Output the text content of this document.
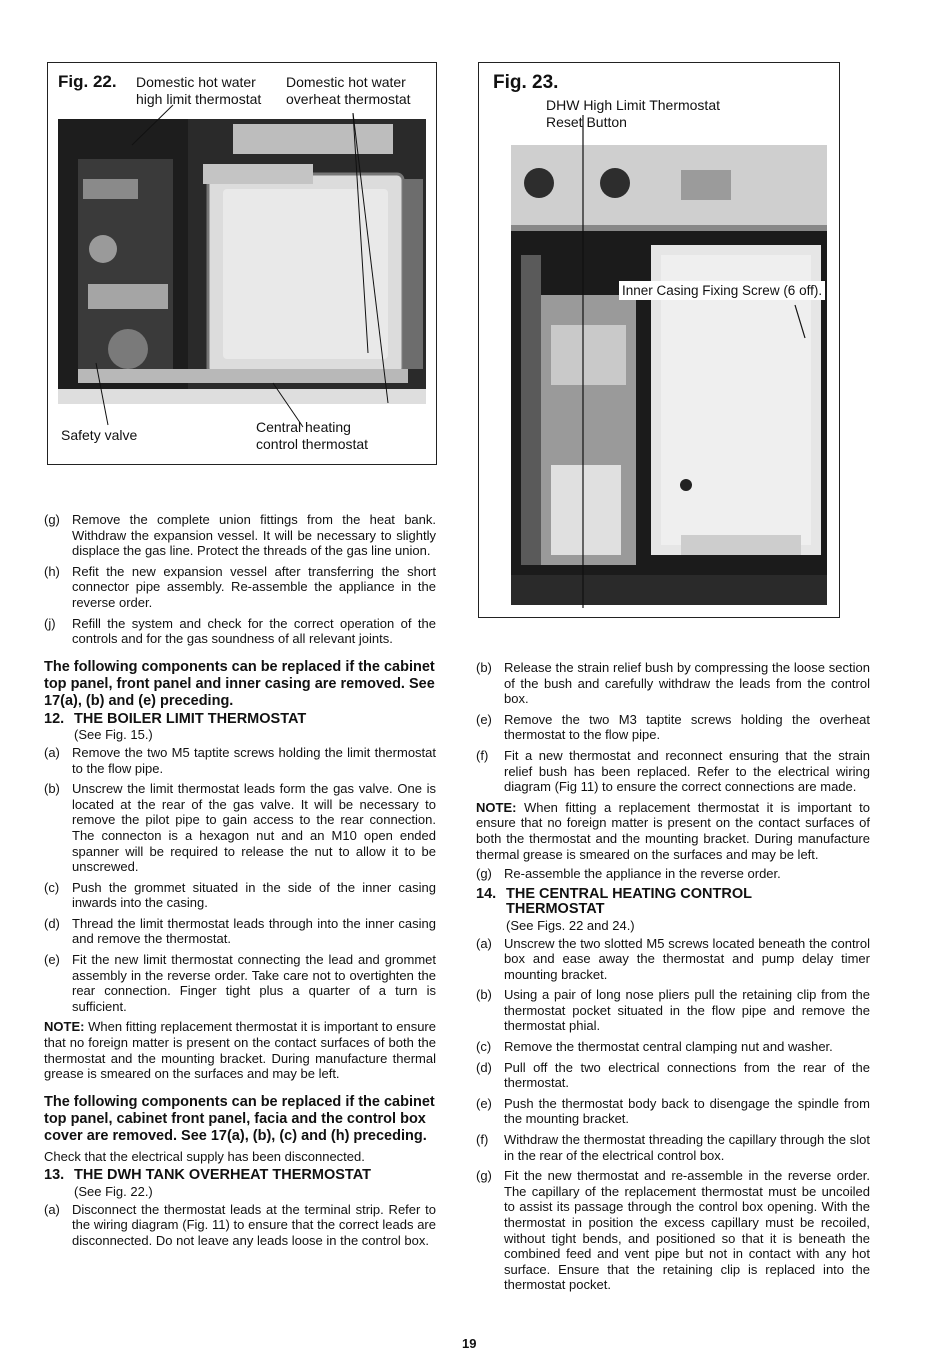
Fig. 22. Domestic hot water
high limit thermostat
Domestic hot water
overheat thermostat
Safety valve	Central heating
control thermostat
Fig. 23.
DHW High Limit Thermostat
Reset Button
Inner Casing Fixing Screw (6 off).
(g) Remove the complete union fittings from the heat bank. Withdraw the expansion vessel. It will be necessary to slightly displace the gas line. Protect the threads of the gas line union.
(h) Refit the new expansion vessel after transferring the short connector pipe assembly. Re-assemble the appliance in the reverse order.
(j)	Refill the system and check for the correct operation of the controls and for the gas soundness of all relevant joints.
The following components can be replaced if the cabinet top panel, front panel and inner casing are removed. See 17(a), (b) and (e) preceding.
12. THE BOILER LIMIT THERMOSTAT
(See Fig. 15.)
(a) Remove the two M5 taptite screws holding the limit thermostat to the flow pipe.
(b) Unscrew the limit thermostat leads form the gas valve. One is located at the rear of the gas valve. It will be necessary to remove the pilot pipe to gain access to the rear connection. The connecton is a hexagon nut and an M10 open ended spanner will be required to release the nut to allow it to be unscrewed.
(c) Push the grommet situated in the side of the inner casing inwards into the casing.
(d) Thread the limit thermostat leads through into the inner casing and remove the thermostat.
(e) Fit the new limit thermostat connecting the lead and grommet assembly in the reverse order. Take care not to overtighten the rear connection. Finger tight plus a quarter of a turn is sufficient.
NOTE: When fitting replacement thermostat it is important to ensure that no foreign matter is present on the contact surfaces of both the thermostat and the mounting bracket. During manufacture thermal grease is smeared on the surfaces and may be left.
The following components can be replaced if the cabinet top panel, cabinet front panel, facia and the control box cover are removed. See 17(a), (b), (c) and (h) preceding.
Check that the electrical supply has been disconnected.
13. THE DWH TANK OVERHEAT THERMOSTAT
(See Fig. 22.)
(a) Disconnect the thermostat leads at the terminal strip. Refer to the wiring diagram (Fig. 11) to ensure that the correct leads are disconnected. Do not leave any leads loose in the control box.
(b) Release the strain relief bush by compressing the loose section of the bush and carefully withdraw the leads from the control box.
(e) Remove the two M3 taptite screws holding the overheat thermostat to the flow pipe.
(f)	Fit a new thermostat and reconnect ensuring that the strain relief bush has been replaced. Refer to the electrical wiring diagram (Fig 11) to ensure the correct connections are made.
NOTE: When fitting a replacement thermostat it is important to ensure that no foreign matter is present on the contact surfaces of both the thermostat and the mounting bracket. During manufacture thermal grease is smeared on the surfaces and may be left.
(g) Re-assemble the appliance in the reverse order.
14. THE CENTRAL HEATING CONTROL THERMOSTAT
(See Figs. 22 and 24.)
(a) Unscrew the two slotted M5 screws located beneath the control box and ease away the thermostat and pump delay timer mounting bracket.
(b) Using a pair of long nose pliers pull the retaining clip from the thermostat pocket situated in the flow pipe and remove the thermostat phial.
(c) Remove the thermostat central clamping nut and washer.
(d) Pull off the two electrical connections from the rear of the thermostat.
(e) Push the thermostat body back to disengage the spindle from the mounting bracket.
(f)	Withdraw the thermostat threading the capillary through the slot in the rear of the electrical control box.
(g) Fit the new thermostat and re-assemble in the reverse order. The capillary of the replacement thermostat must be uncoiled to assist its passage through the control box opening. With the thermostat in position the excess capillary must be recoiled, without tight bends, and positioned so that it is beneath the combined feed and vent pipe but not in contact with any hot surface. Ensure that the retaining clip is replaced into the thermostat pocket.
19
